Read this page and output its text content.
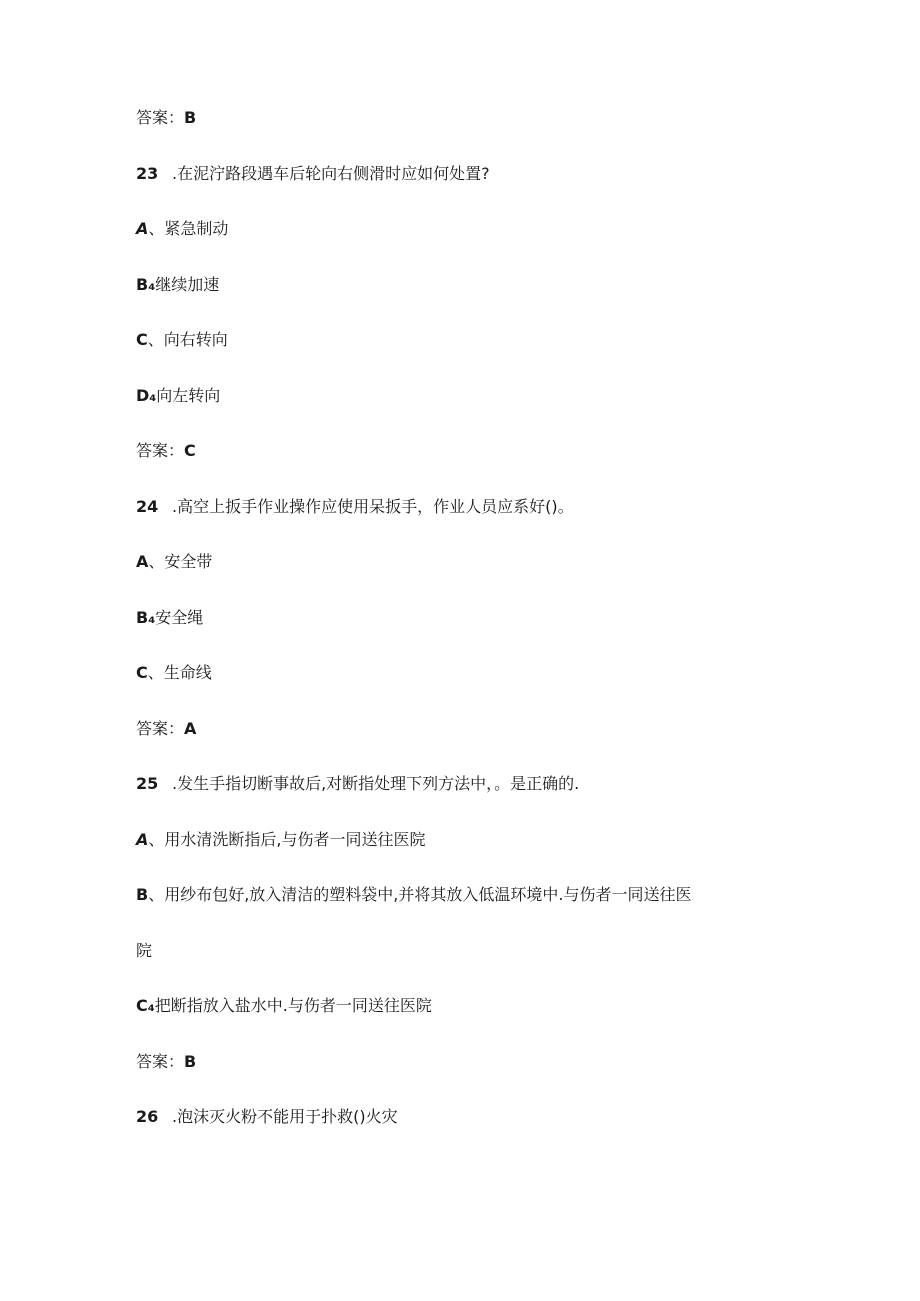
答案：B
23 .在泥泞路段遇车后轮向右侧滑时应如何处置?
A、紧急制动
B₄继续加速
C、向右转向
D₄向左转向
答案：C
24 .高空上扳手作业操作应使用呆扳手，作业人员应系好()。
A、安全带
B₄安全绳
C、生命线
答案：A
25 .发生手指切断事故后,对断指处理下列方法中，。是正确的.
A、用水清洗断指后,与伤者一同送往医院
B、用纱布包好,放入清洁的塑料袋中,并将其放入低温环境中.与伤者一同送往医
院
C₄把断指放入盐水中.与伤者一同送往医院
答案：B
26 .泡沫灭火粉不能用于扑救()火灾
